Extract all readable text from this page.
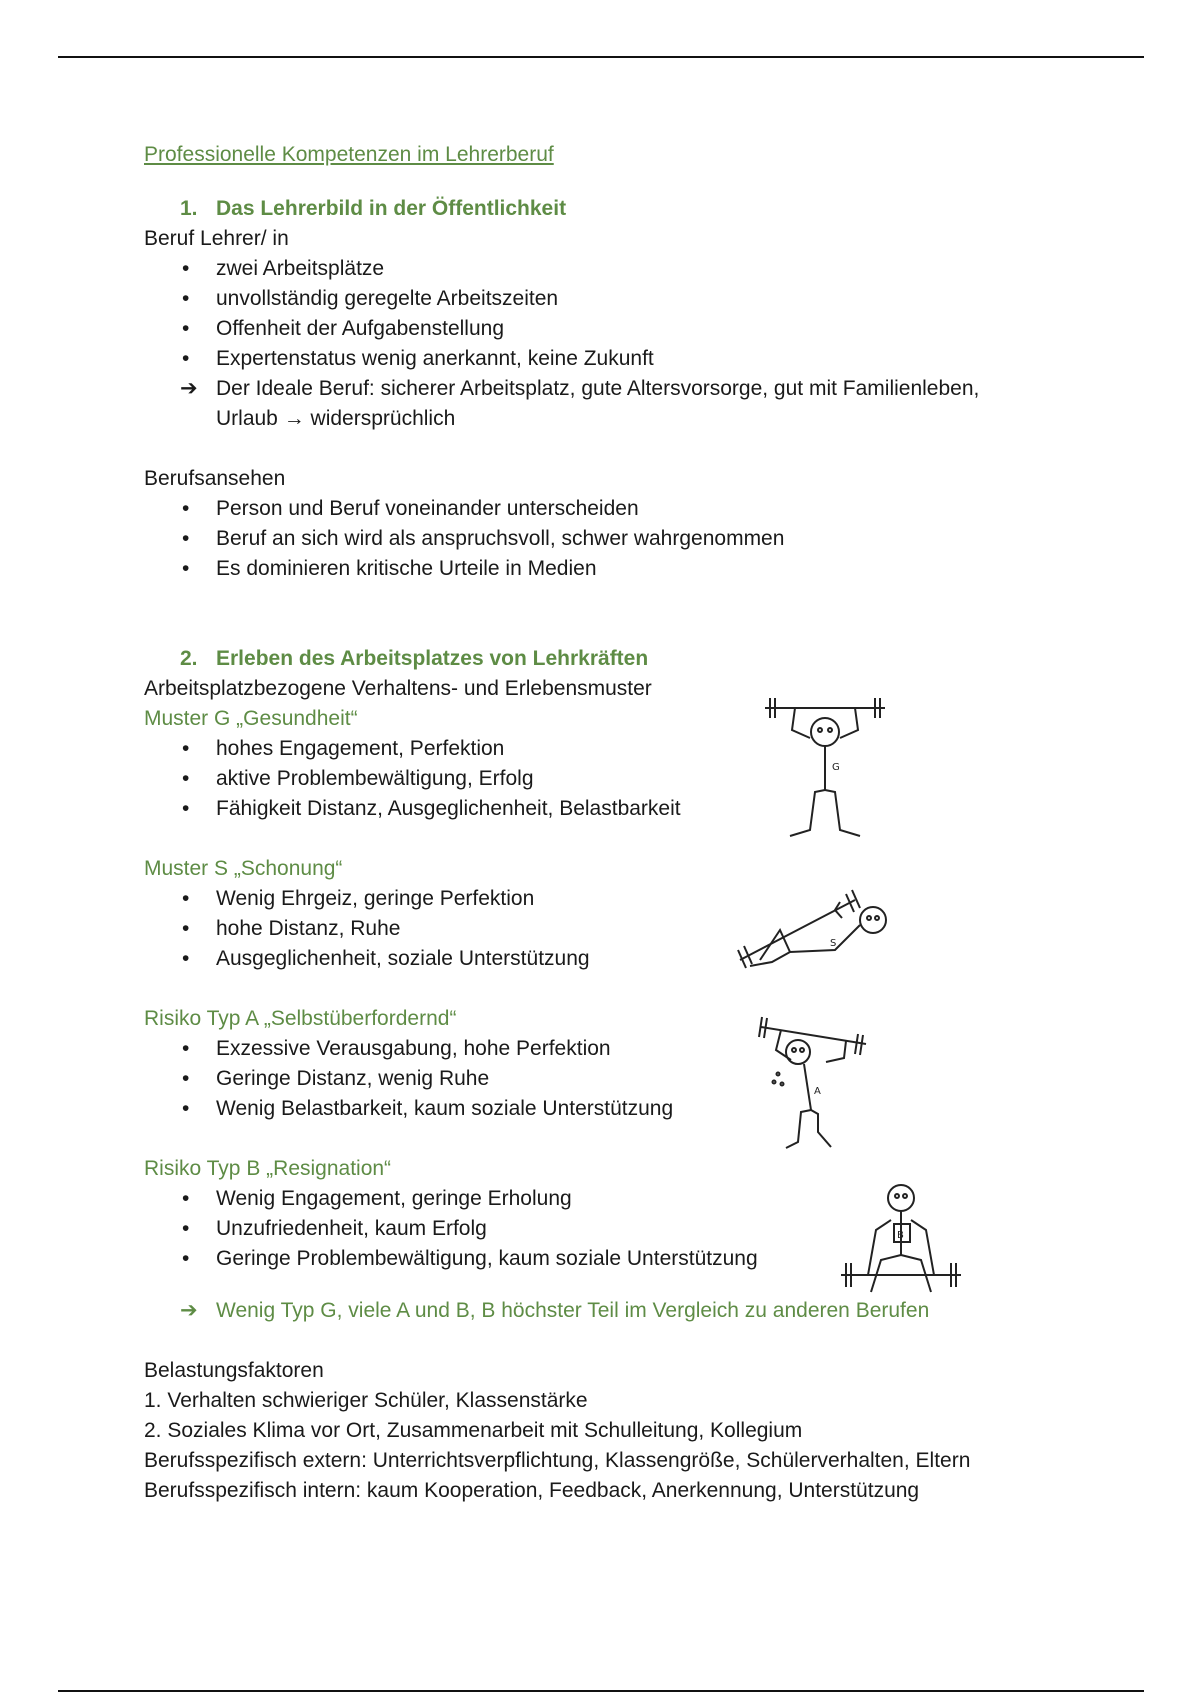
Professionelle Kompetenzen im Lehrerberuf
1. Das Lehrerbild in der Öffentlichkeit
Beruf Lehrer/ in
• zwei Arbeitsplätze
• unvollständig geregelte Arbeitszeiten
• Offenheit der Aufgabenstellung
• Expertenstatus wenig anerkannt, keine Zukunft
➔ Der Ideale Beruf: sicherer Arbeitsplatz, gute Altersvorsorge, gut mit Familienleben,
Urlaub → widersprüchlich
Berufsansehen
• Person und Beruf voneinander unterscheiden
• Beruf an sich wird als anspruchsvoll, schwer wahrgenommen
• Es dominieren kritische Urteile in Medien
2. Erleben des Arbeitsplatzes von Lehrkräften
Arbeitsplatzbezogene Verhaltens- und Erlebensmuster
Muster G „Gesundheit“
• hohes Engagement, Perfektion
• aktive Problembewältigung, Erfolg
• Fähigkeit Distanz, Ausgeglichenheit, Belastbarkeit
Muster S „Schonung“
• Wenig Ehrgeiz, geringe Perfektion
• hohe Distanz, Ruhe
• Ausgeglichenheit, soziale Unterstützung
Risiko Typ A „Selbstüberfordernd“
• Exzessive Verausgabung, hohe Perfektion
• Geringe Distanz, wenig Ruhe
• Wenig Belastbarkeit, kaum soziale Unterstützung
Risiko Typ B „Resignation“
• Wenig Engagement, geringe Erholung
• Unzufriedenheit, kaum Erfolg
• Geringe Problembewältigung, kaum soziale Unterstützung
➔ Wenig Typ G, viele A und B, B höchster Teil im Vergleich zu anderen Berufen
Belastungsfaktoren
1. Verhalten schwieriger Schüler, Klassenstärke
2. Soziales Klima vor Ort, Zusammenarbeit mit Schulleitung, Kollegium
Berufsspezifisch extern: Unterrichtsverpflichtung, Klassengröße, Schülerverhalten, Eltern
Berufsspezifisch intern: kaum Kooperation, Feedback, Anerkennung, Unterstützung
G
S
A
B
